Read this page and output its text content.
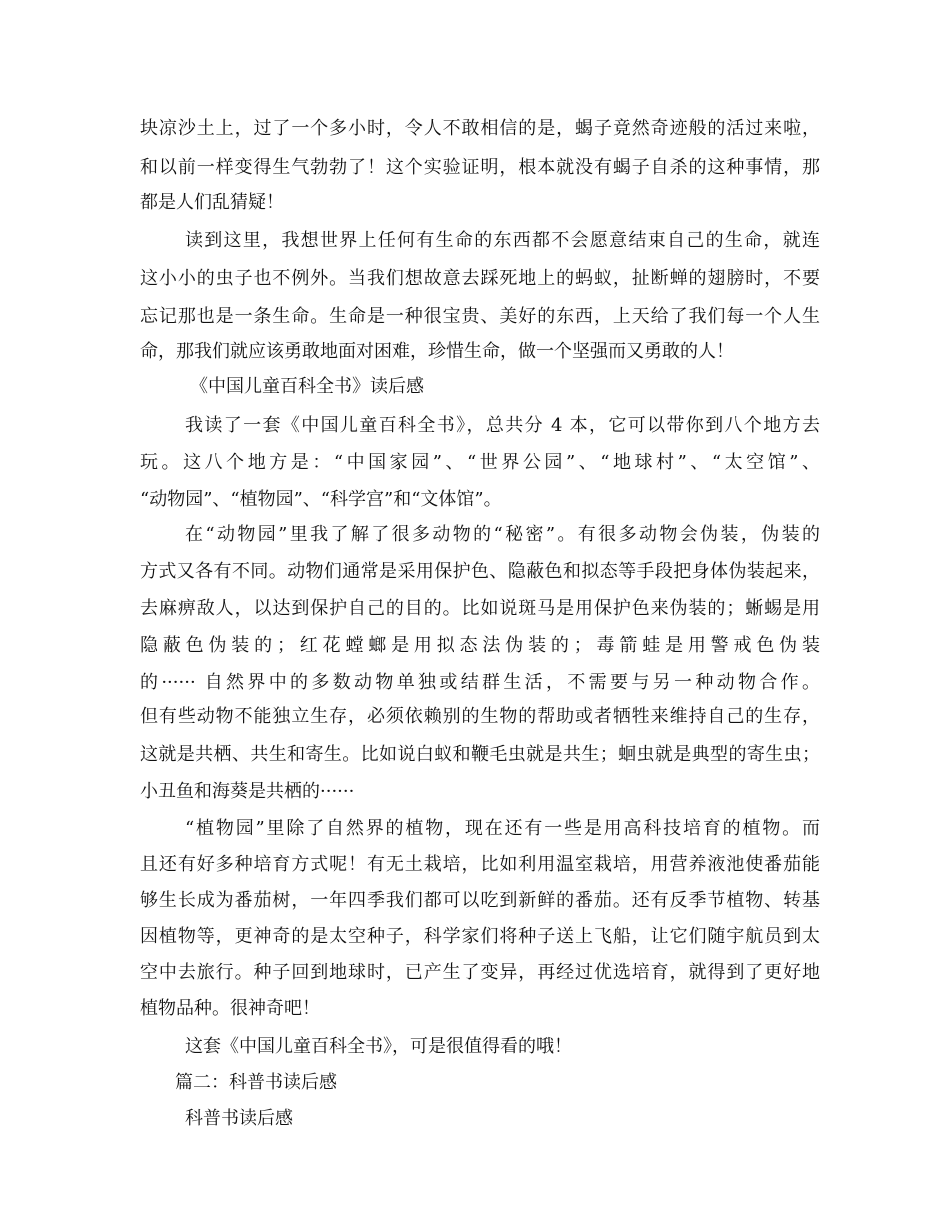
块凉沙土上，过了一个多小时，令人不敢相信的是，蝎子竟然奇迹般的活过来啦，

和以前一样变得生气勃勃了！这个实验证明，根本就没有蝎子自杀的这种事情，那

都是人们乱猜疑！

读到这里，我想世界上任何有生命的东西都不会愿意结束自己的生命，就连

这小小的虫子也不例外。当我们想故意去踩死地上的蚂蚁，扯断蝉的翅膀时，不要

忘记那也是一条生命。生命是一种很宝贵、美好的东西，上天给了我们每一个人生

命，那我们就应该勇敢地面对困难，珍惜生命，做一个坚强而又勇敢的人！

《中国儿童百科全书》读后感

我读了一套《中国儿童百科全书》，总共分 4 本，它可以带你到八个地方去

玩。这八个地方是：“中国家园”、“世界公园”、“地球村”、“太空馆”、

“动物园”、“植物园”、“科学宫”和“文体馆”。

在“动物园”里我了解了很多动物的“秘密”。有很多动物会伪装，伪装的

方式又各有不同。动物们通常是采用保护色、隐蔽色和拟态等手段把身体伪装起来，

去麻痹敌人，以达到保护自己的目的。比如说斑马是用保护色来伪装的；蜥蜴是用

隐蔽色伪装的；红花螳螂是用拟态法伪装的；毒箭蛙是用警戒色伪装

的······ 自然界中的多数动物单独或结群生活，不需要与另一种动物合作。

但有些动物不能独立生存，必须依赖别的生物的帮助或者牺牲来维持自己的生存，

这就是共栖、共生和寄生。比如说白蚁和鞭毛虫就是共生；蛔虫就是典型的寄生虫；

小丑鱼和海葵是共栖的······

“植物园”里除了自然界的植物，现在还有一些是用高科技培育的植物。而

且还有好多种培育方式呢！有无土栽培，比如利用温室栽培，用营养液池使番茄能

够生长成为番茄树，一年四季我们都可以吃到新鲜的番茄。还有反季节植物、转基

因植物等，更神奇的是太空种子，科学家们将种子送上飞船，让它们随宇航员到太

空中去旅行。种子回到地球时，已产生了变异，再经过优选培育，就得到了更好地

植物品种。很神奇吧！

这套《中国儿童百科全书》，可是很值得看的哦！

篇二：科普书读后感

科普书读后感
